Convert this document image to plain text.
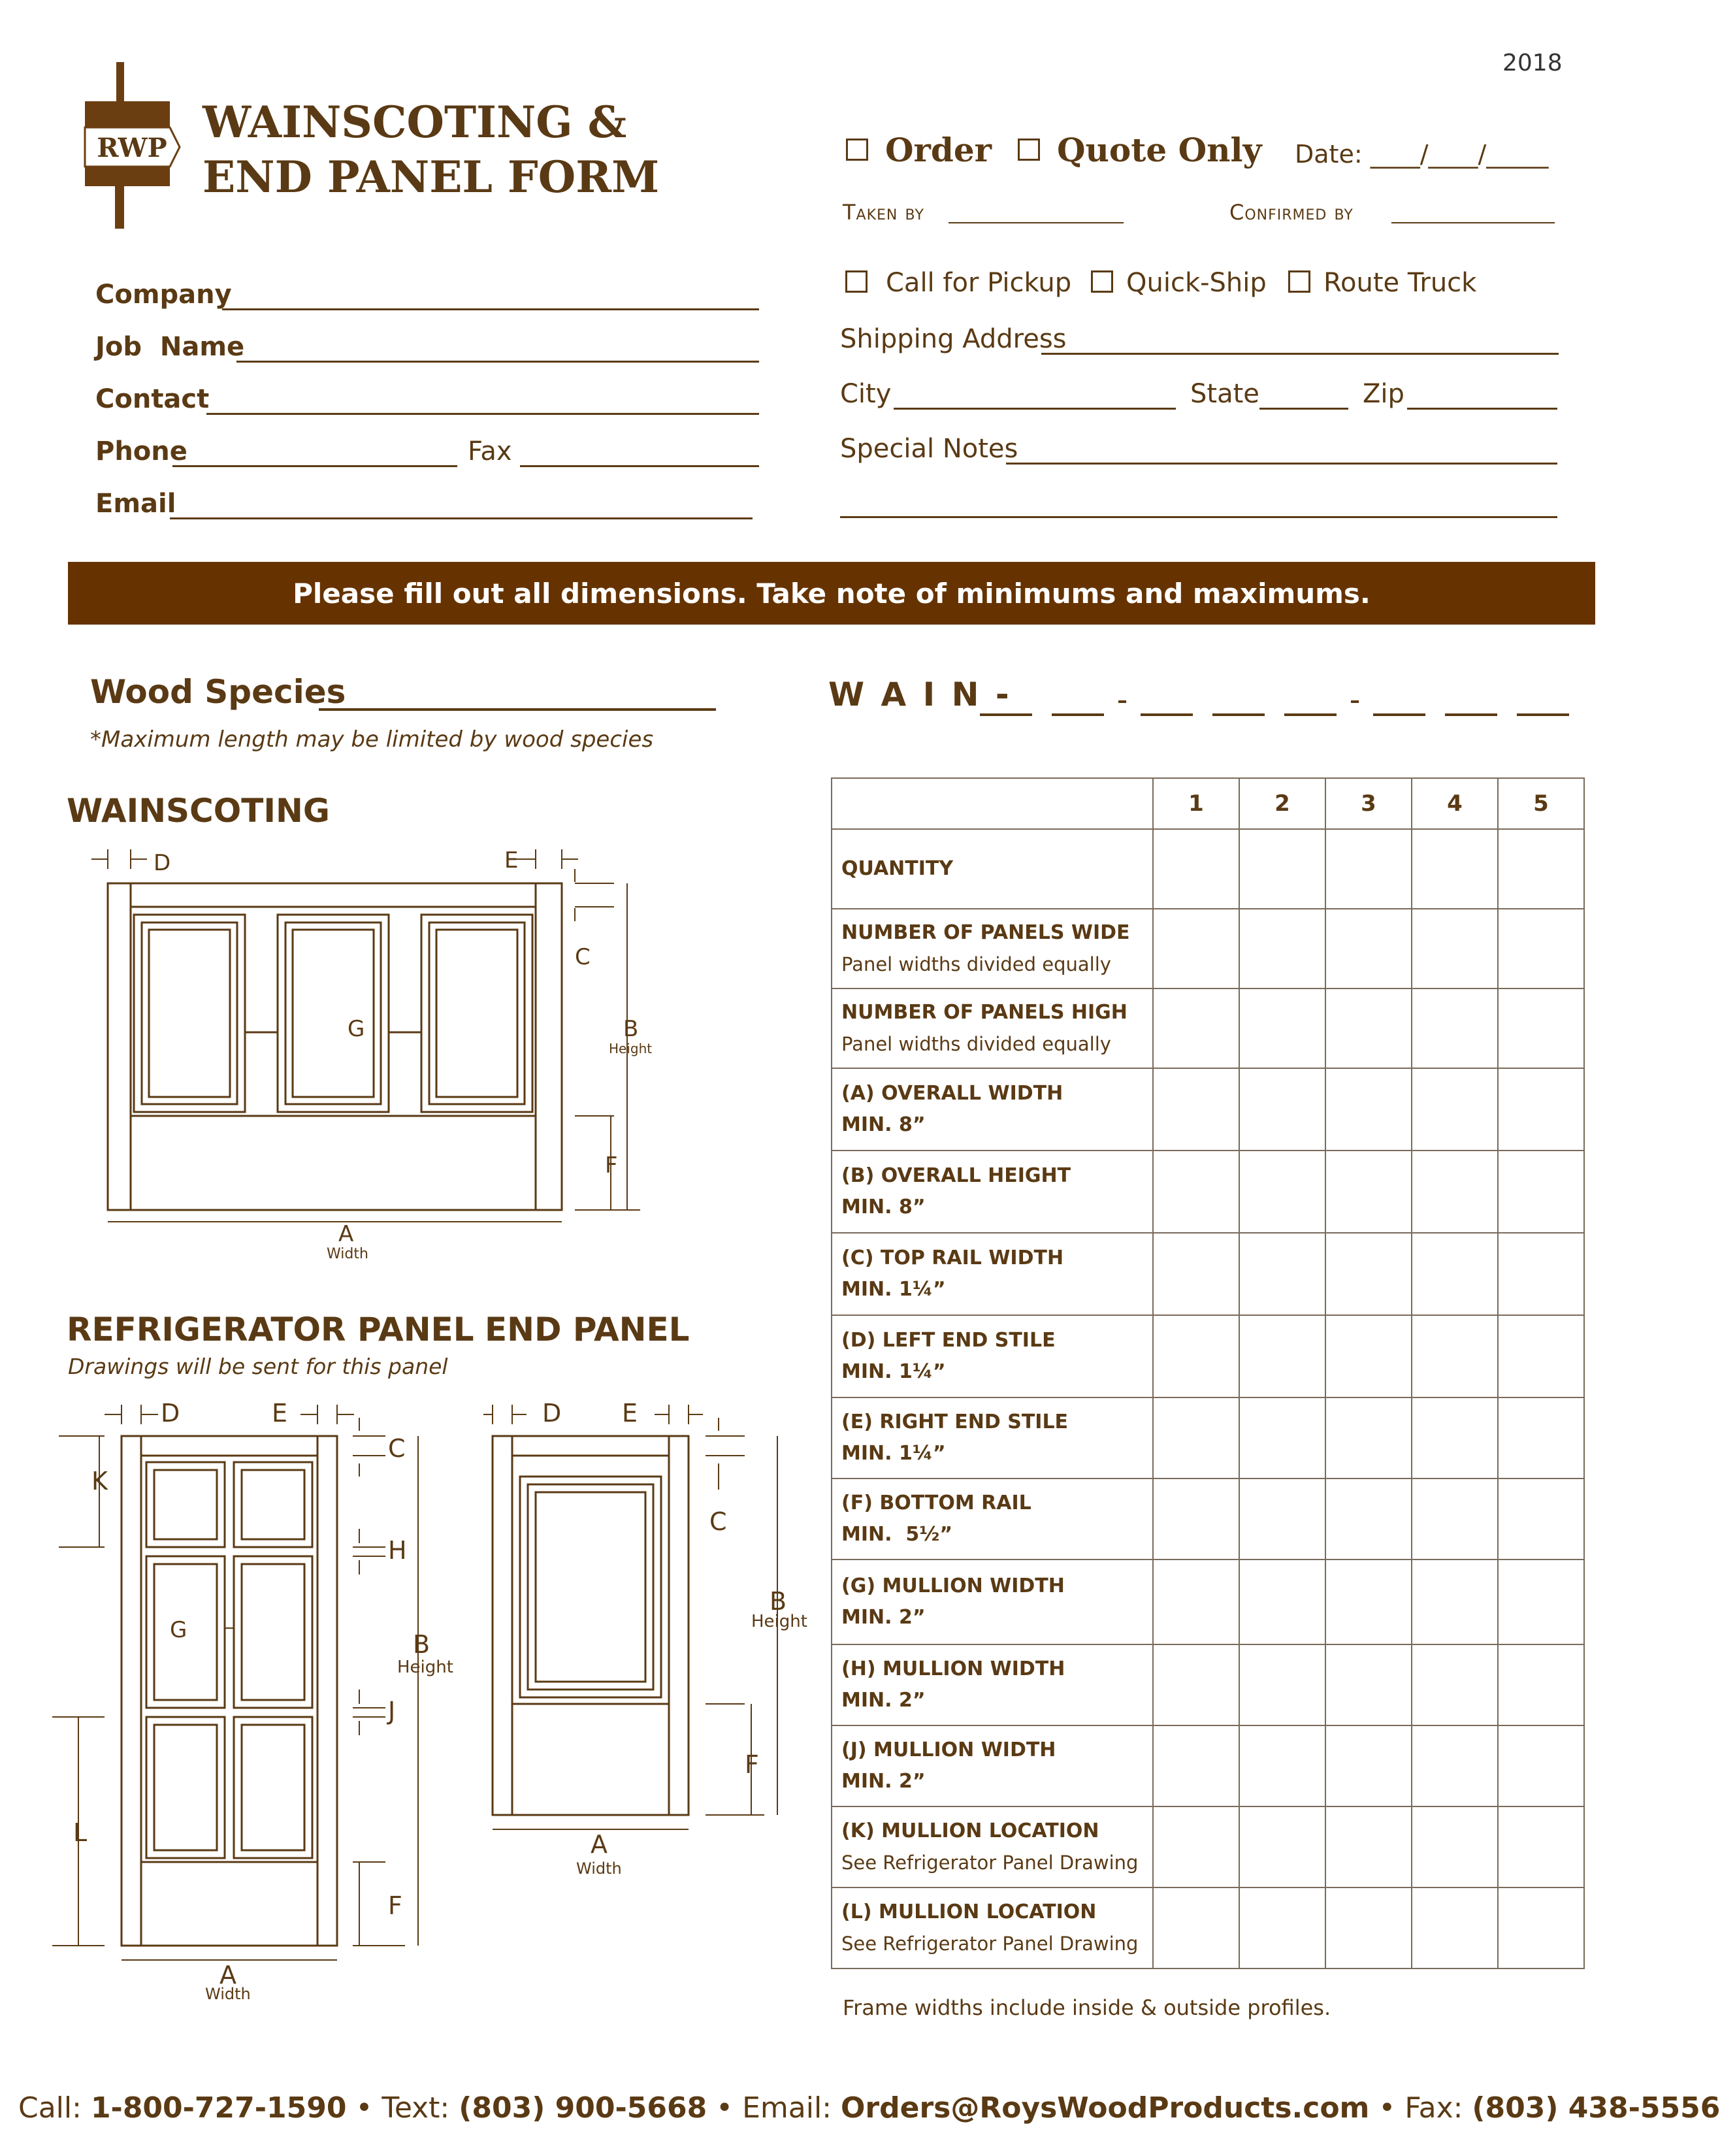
2018
RWP
WAINSCOTING &
END PANEL FORM
Order Quote Only Date: ____/____/_____
Taken by	Confirmed by
Company
Job  Name
Contact
Phone	Fax
Email
Call for Pickup Quick-Ship Route Truck
Shipping Address
City	State	Zip
Special Notes
Please fill out all dimensions. Take note of minimums and maximums.
Wood Species
*Maximum length may be limited by wood species
W A I N -
WAINSCOTING
REFRIGERATOR PANEL
Drawings will be sent for this panel
END PANEL
D	E
C
G	B
Height
F
A
Width
D	E
C
K
H
G	B
Height
J
L
F
A
Width
D E
C
B
Height
F
A
Width
	1	2	3	4	5

QUANTITY					

NUMBER OF PANELS WIDE
Panel widths divided equally					

NUMBER OF PANELS HIGH
Panel widths divided equally					

(A) OVERALL WIDTH
MIN. 8”					

(B) OVERALL HEIGHT
MIN. 8”					

(C) TOP RAIL WIDTH
MIN. 1¼”					

(D) LEFT END STILE
MIN. 1¼”					

(E) RIGHT END STILE
MIN. 1¼”					

(F) BOTTOM RAIL
MIN.  5½”					

(G) MULLION WIDTH
MIN. 2”					

(H) MULLION WIDTH
MIN. 2”					

(J) MULLION WIDTH
MIN. 2”					

(K) MULLION LOCATION
See Refrigerator Panel Drawing					

(L) MULLION LOCATION
See Refrigerator Panel Drawing					

Frame widths include inside & outside profiles.

Call: 1-800-727-1590 • Text: (803) 900-5668 • Email: Orders@RoysWoodProducts.com • Fax: (803) 438-5556
